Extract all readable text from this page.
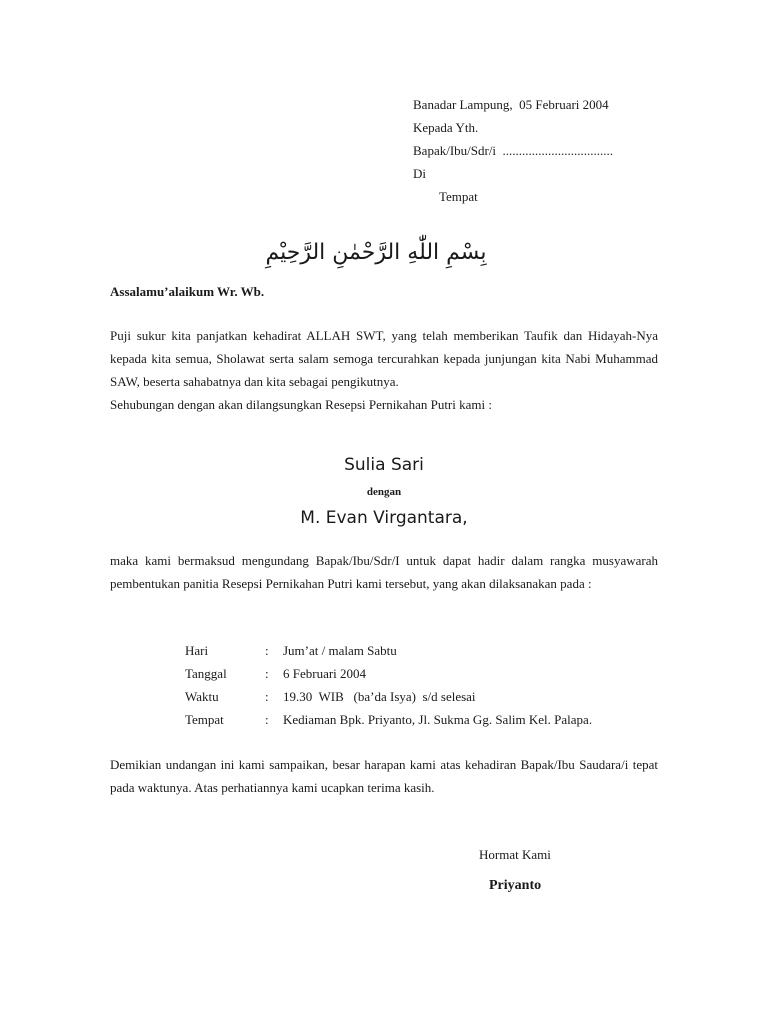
Banadar Lampung,  05 Februari 2004
Kepada Yth.
Bapak/Ibu/Sdr/i  ..................................
Di
Tempat
بِسْمِ اللّٰهِ الرَّحْمٰنِ الرَّحِيْمِ
Assalamu’alaikum Wr. Wb.
Puji sukur kita panjatkan kehadirat ALLAH SWT, yang telah memberikan Taufik dan Hidayah-Nya kepada kita semua, Sholawat serta salam semoga tercurahkan kepada junjungan kita Nabi Muhammad SAW, beserta sahabatnya dan kita sebagai pengikutnya.
Sehubungan dengan akan dilangsungkan Resepsi Pernikahan Putri kami :
Sulia Sari
dengan
M. Evan Virgantara,
maka kami bermaksud mengundang Bapak/Ibu/Sdr/I untuk dapat hadir dalam rangka musyawarah pembentukan panitia Resepsi Pernikahan Putri kami tersebut, yang akan dilaksanakan pada :
Hari	:	Jum’at / malam Sabtu
Tanggal	:	6 Februari 2004
Waktu	:	19.30  WIB   (ba’da Isya)  s/d selesai
Tempat	:	Kediaman Bpk. Priyanto, Jl. Sukma Gg. Salim Kel. Palapa.
Demikian undangan ini kami sampaikan, besar harapan kami atas kehadiran Bapak/Ibu Saudara/i tepat pada waktunya. Atas perhatiannya kami ucapkan terima kasih.
Hormat Kami
Priyanto
